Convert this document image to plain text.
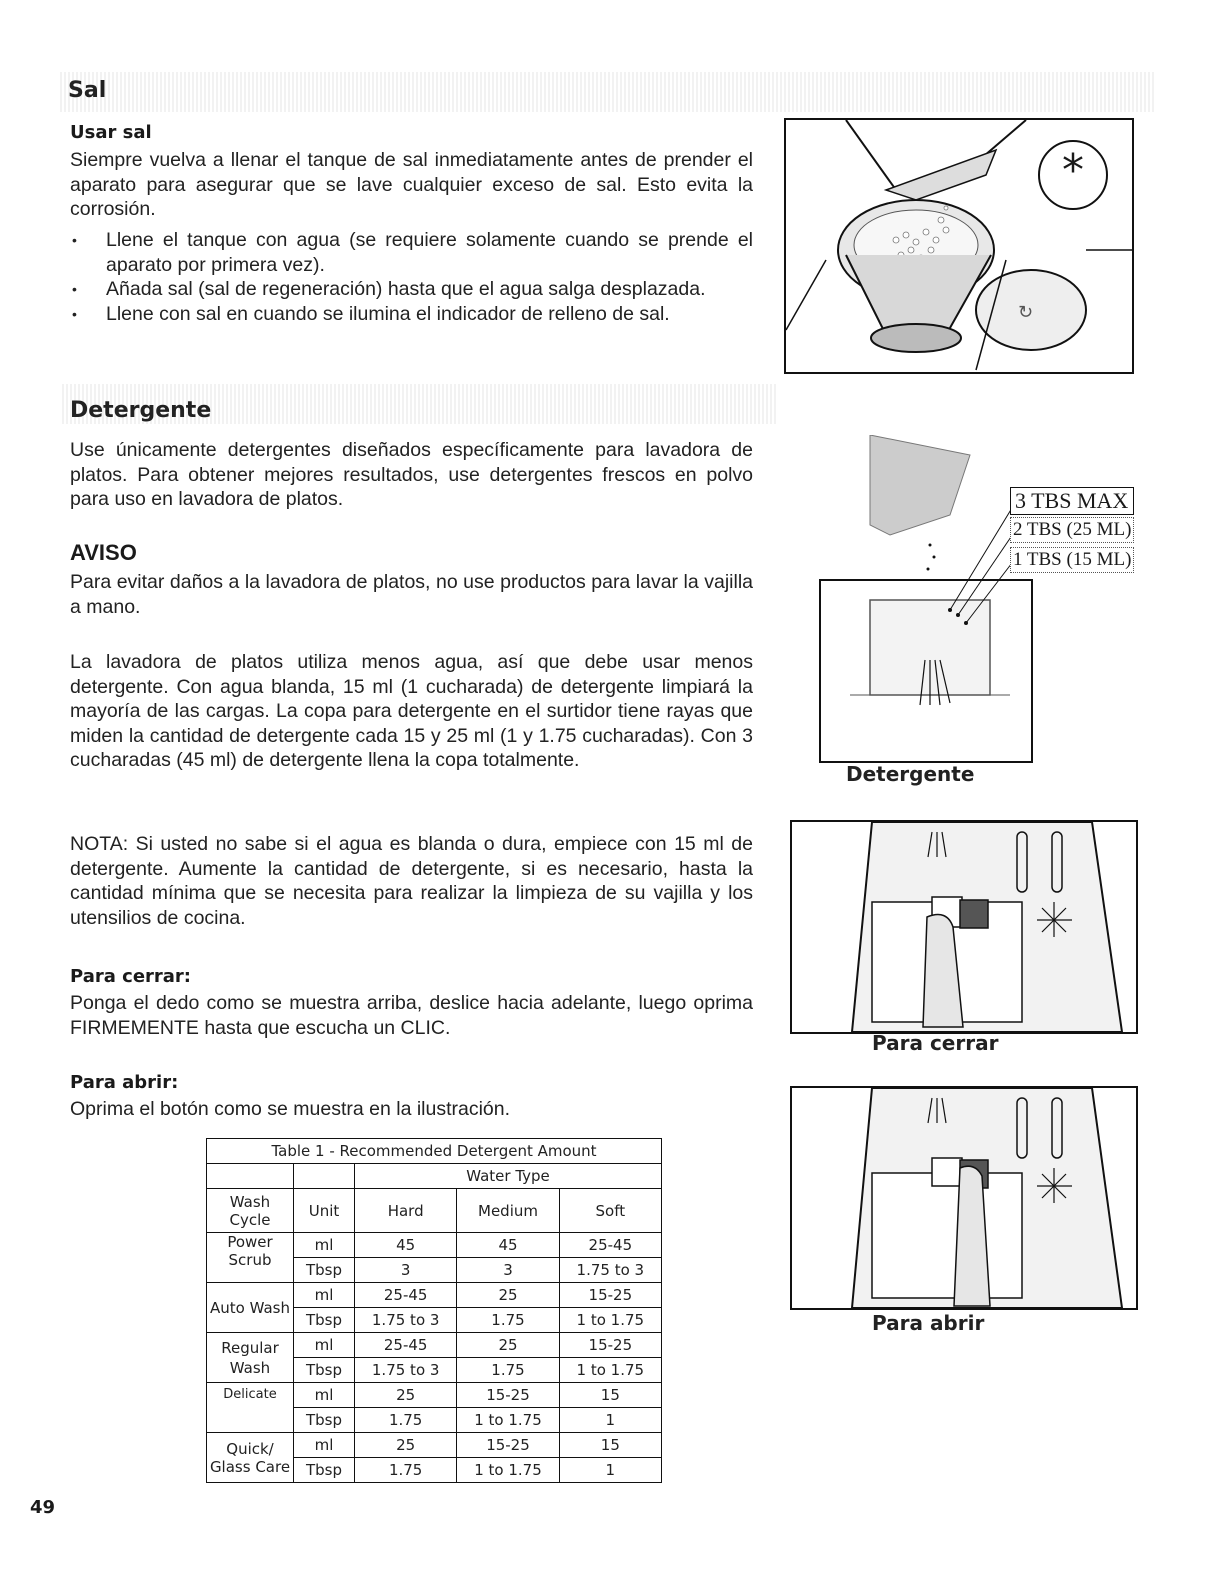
Sal
Usar sal
Siempre vuelva a llenar el tanque de sal inmediatamente antes de prender el aparato para asegurar que se lave cualquier exceso de sal. Esto evita la corrosión.
• Llene el tanque con agua (se requiere solamente cuando se prende el aparato por primera vez).
• Añada sal (sal de regeneración) hasta que el agua salga desplazada.
• Llene con sal en cuando se ilumina el indicador de relleno de sal.	↻
*
Detergente
Use únicamente detergentes diseñados específicamente para lavadora de platos. Para obtener mejores resultados, use detergentes frescos en polvo para uso en lavadora de platos.
AVISO
Para evitar daños a la lavadora de platos, no use productos para lavar la vajilla a mano.
La lavadora de platos utiliza menos agua, así que debe usar menos detergente. Con agua blanda, 15 ml (1 cucharada) de detergente limpiará la mayoría de las cargas. La copa para detergente en el surtidor tiene rayas que miden la cantidad de detergente cada 15 y 25 ml (1 y 1.75 cucharadas). Con 3 cucharadas (45 ml) de detergente llena la copa totalmente.
NOTA: Si usted no sabe si el agua es blanda o dura, empiece con 15 ml de detergente. Aumente la cantidad de detergente, si es necesario, hasta la cantidad mínima que se necesita para realizar la limpieza de su vajilla y los utensilios de cocina.
Para cerrar:
Ponga el dedo como se muestra arriba, deslice hacia adelante, luego oprima FIRMEMENTE hasta que escucha un CLIC.
Para abrir:
Oprima el botón como se muestra en la ilustración.
3 TBS MAX
2 TBS (25 ML)
1 TBS (15 ML)
Detergente
Para cerrar
Para abrir
Table 1 - Recommended Detergent Amount				
		Water Type		
Wash Cycle	Unit	Hard	Medium	Soft
Power Scrub	ml	45	45	25-45
	Tbsp	3	3	1.75 to 3
Auto Wash	ml	25-45	25	15-25
	Tbsp	1.75 to 3	1.75	1 to 1.75
Regular Wash	ml	25-45	25	15-25
	Tbsp	1.75 to 3	1.75	1 to 1.75
Delicate	ml	25	15-25	15
	Tbsp	1.75	1 to 1.75	1
Quick/ Glass Care	ml	25	15-25	15
	Tbsp	1.75	1 to 1.75	1
49
